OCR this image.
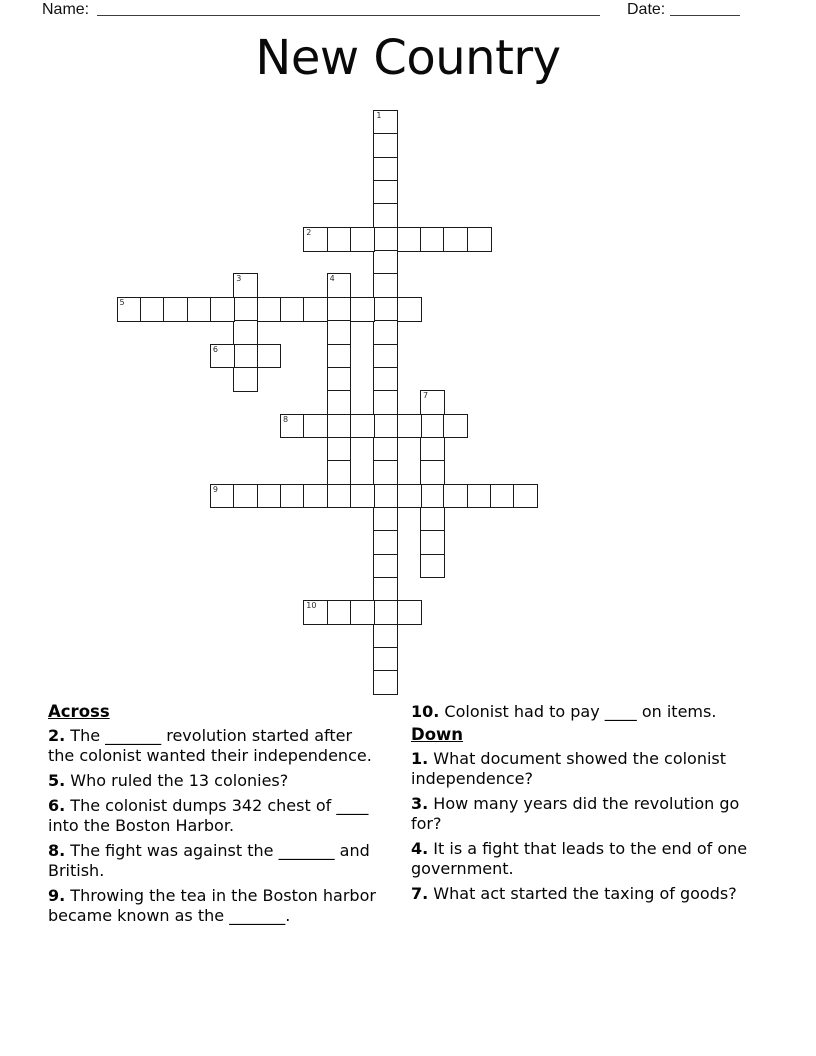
Name:	Date:
New Country
1
2
3	4
5
6
7
8
9
10

Across

2. The _______ revolution started after the colonist wanted their independence.

5. Who ruled the 13 colonies?

6. The colonist dumps 342 chest of ____ into the Boston Harbor.

8. The fight was against the _______ and British.

9. Throwing the tea in the Boston harbor became known as the _______.

10. Colonist had to pay ____ on items.

Down

1. What document showed the colonist independence?

3. How many years did the revolution go for?

4. It is a fight that leads to the end of one government.

7. What act started the taxing of goods?
